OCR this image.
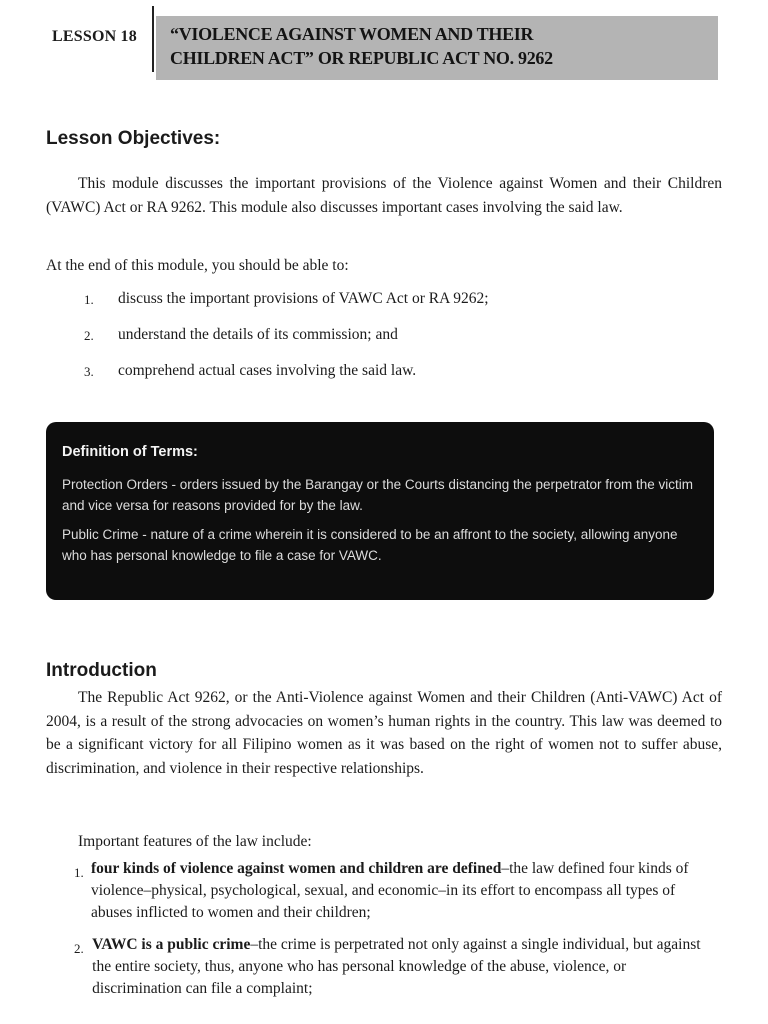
LESSON 18 “VIOLENCE AGAINST WOMEN AND THEIR
CHILDREN ACT” OR REPUBLIC ACT NO. 9262
Lesson Objectives:

This module discusses the important provisions of the Violence against Women and their Children (VAWC) Act or RA 9262. This module also discusses important cases involving the said law.

At the end of this module, you should be able to:
1.	discuss the important provisions of VAWC Act or RA 9262;
2.	understand the details of its commission; and
3.	comprehend actual cases involving the said law.
Definition of Terms:
Protection Orders - orders issued by the Barangay or the Courts distancing the perpetrator from the victim and vice versa for reasons provided for by the law.
Public Crime - nature of a crime wherein it is considered to be an affront to the society, allowing anyone who has personal knowledge to file a case for VAWC.
Introduction

The Republic Act 9262, or the Anti-Violence against Women and their Children (Anti-VAWC) Act of 2004, is a result of the strong advocacies on women’s human rights in the country. This law was deemed to be a significant victory for all Filipino women as it was based on the right of women not to suffer abuse, discrimination, and violence in their respective relationships.

Important features of the law include:
1. four kinds of violence against women and children are defined–the law defined four kinds of violence–physical, psychological, sexual, and economic–in its effort to encompass all types of abuses inflicted to women and their children;
2. VAWC is a public crime–the crime is perpetrated not only against a single individual, but against the entire society, thus, anyone who has personal knowledge of the abuse, violence, or discrimination can file a complaint;
